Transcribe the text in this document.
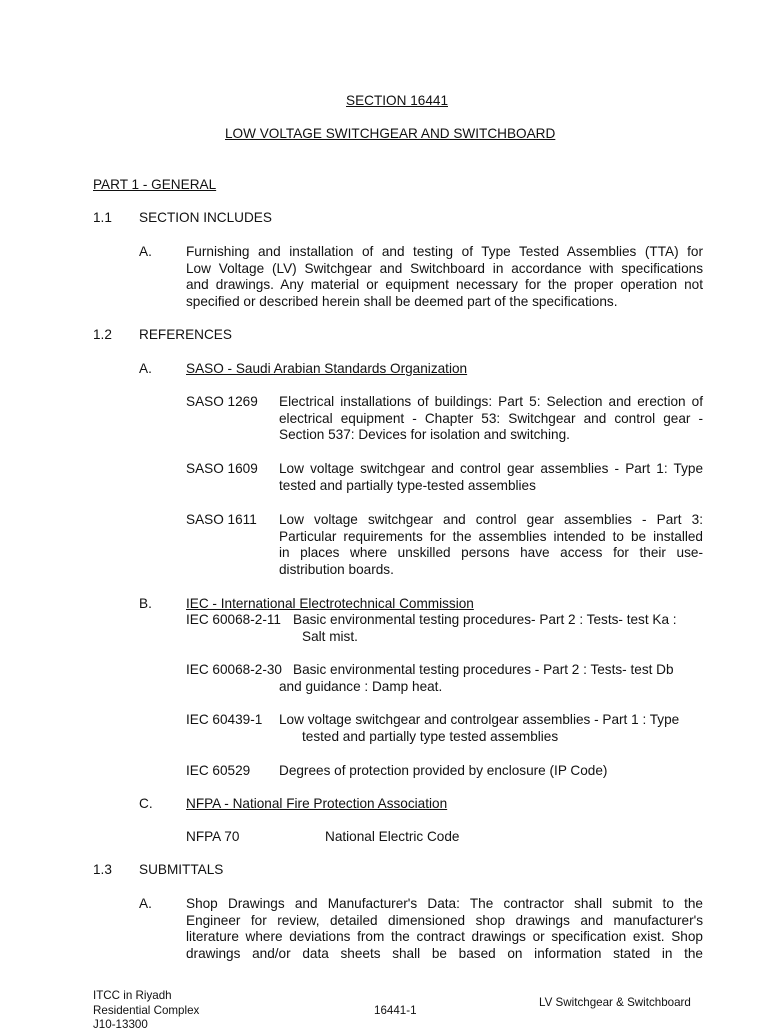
SECTION 16441
LOW VOLTAGE SWITCHGEAR AND SWITCHBOARD
PART 1 - GENERAL
1.1 SECTION INCLUDES
A.	Furnishing and installation of and testing of Type Tested Assemblies (TTA) for
Low Voltage (LV) Switchgear and Switchboard in accordance with specifications
and drawings. Any material or equipment necessary for the proper operation not
specified or described herein shall be deemed part of the specifications.
1.2 REFERENCES
A.	SASO - Saudi Arabian Standards Organization
SASO 1269 Electrical installations of buildings: Part 5: Selection and erection of
electrical equipment - Chapter 53: Switchgear and control gear -
Section 537: Devices for isolation and switching.
SASO 1609 Low voltage switchgear and control gear assemblies - Part 1: Type
tested and partially type-tested assemblies
SASO 1611 Low voltage switchgear and control gear assemblies - Part 3:
Particular requirements for the assemblies intended to be installed
in places where unskilled persons have access for their use-
distribution boards.
B.	IEC - International Electrotechnical Commission
IEC 60068-2-11 Basic environmental testing procedures- Part 2 : Tests- test Ka :
Salt mist.
IEC 60068-2-30 Basic environmental testing procedures - Part 2 : Tests- test Db
and guidance : Damp heat.
IEC 60439-1 Low voltage switchgear and controlgear assemblies - Part 1 : Type
tested and partially type tested assemblies
IEC 60529 Degrees of protection provided by enclosure (IP Code)
C. NFPA - National Fire Protection Association
NFPA 70	National Electric Code
1.3 SUBMITTALS
A.	Shop Drawings and Manufacturer's Data: The contractor shall submit to the
Engineer for review, detailed dimensioned shop drawings and manufacturer's
literature where deviations from the contract drawings or specification exist. Shop
drawings and/or data sheets shall be based on information stated in the
ITCC in Riyadh
Residential Complex
J10-13300
16441-1
LV Switchgear & Switchboard
